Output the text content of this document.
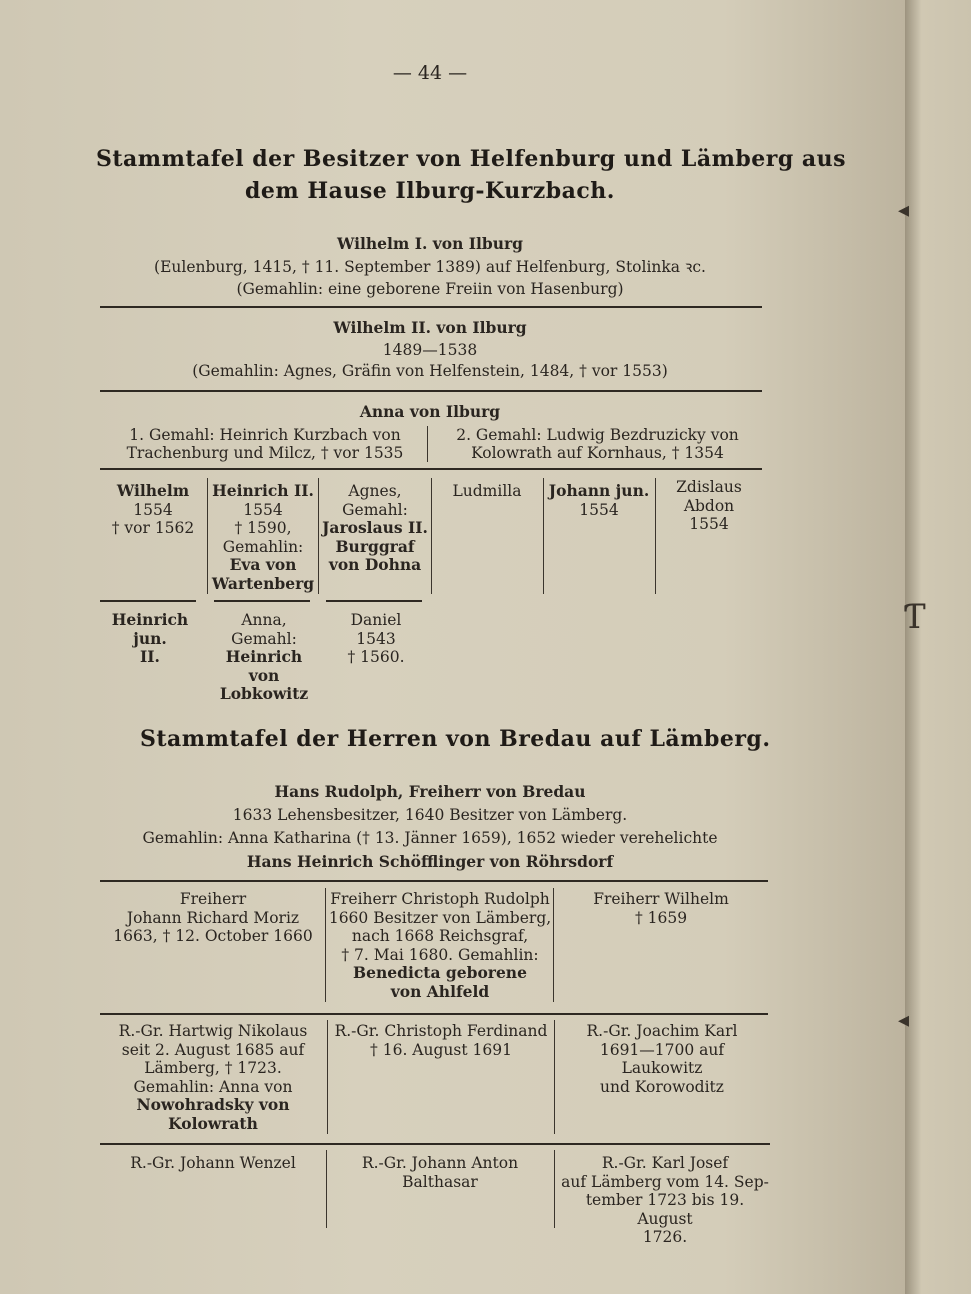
◂
Ƭ
◂
— 44 —
Stammtafel der Besitzer von Helfenburg und Lämberg aus
dem Hause Ilburg-Kurzbach.
Wilhelm I. von Ilburg
(Eulenburg, 1415, † 11. September 1389) auf Helfenburg, Stolinka ꝛc.
(Gemahlin: eine geborene Freiin von Hasenburg)
Wilhelm II. von Ilburg
1489—1538
(Gemahlin: Agnes, Gräfin von Helfenstein, 1484, † vor 1553)
Anna von Ilburg
1. Gemahl: Heinrich Kurzbach von
Trachenburg und Milcz, † vor 1535
2. Gemahl: Ludwig Bezdruzicky von
Kolowrath auf Kornhaus, † 1354
Wilhelm
1554
† vor 1562
Heinrich II.
1554
† 1590,
Gemahlin:
Eva von
Wartenberg
Agnes,
Gemahl:
Jaroslaus II.
Burggraf
von Dohna
Ludmilla	Johann jun.
1554
Zdislaus
Abdon
1554
Heinrich jun.
II.
Anna,
Gemahl:
Heinrich von
Lobkowitz
Daniel
1543
† 1560.
Stammtafel der Herren von Bredau auf Lämberg.
Hans Rudolph, Freiherr von Bredau
1633 Lehensbesitzer, 1640 Besitzer von Lämberg.
Gemahlin: Anna Katharina († 13. Jänner 1659), 1652 wieder verehelichte
Hans Heinrich Schöfflinger von Röhrsdorf
Freiherr
Johann Richard Moriz
1663, † 12. October 1660
Freiherr Christoph Rudolph
1660 Besitzer von Lämberg,
nach 1668 Reichsgraf,
† 7. Mai 1680. Gemahlin:
Benedicta geborene
von Ahlfeld
Freiherr Wilhelm
† 1659
R.-Gr. Hartwig Nikolaus
seit 2. August 1685 auf
Lämberg, † 1723.
Gemahlin: Anna von
Nowohradsky von
Kolowrath
R.-Gr. Christoph Ferdinand
† 16. August 1691
R.-Gr. Joachim Karl
1691—1700 auf Laukowitz
und Korowoditz
R.-Gr. Johann Wenzel	R.-Gr. Johann Anton
Balthasar
R.-Gr. Karl Josef
auf Lämberg vom 14. Sep-
tember 1723 bis 19. August
1726.
